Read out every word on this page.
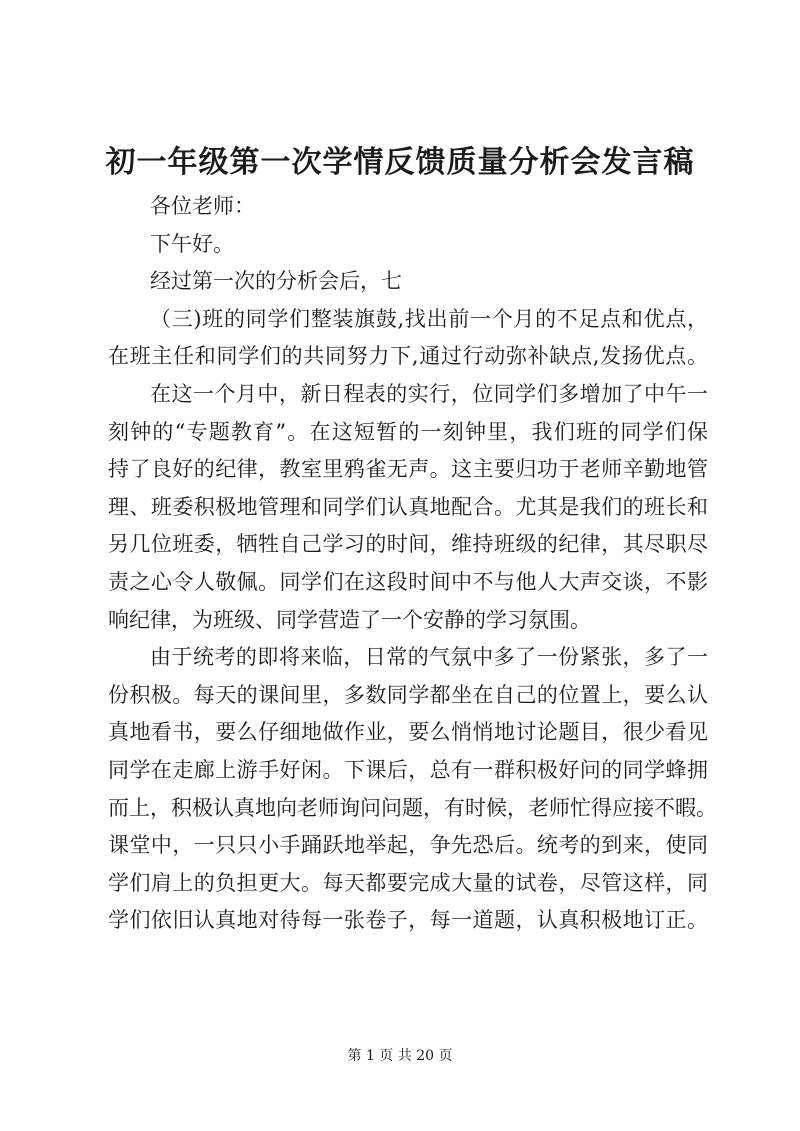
初一年级第一次学情反馈质量分析会发言稿
各位老师：
下午好。
经过第一次的分析会后，七
（三)班的同学们整装旗鼓,找出前一个月的不足点和优点，
在班主任和同学们的共同努力下,通过行动弥补缺点,发扬优点。
在这一个月中，新日程表的实行，位同学们多增加了中午一
刻钟的“专题教育”。在这短暂的一刻钟里，我们班的同学们保
持了良好的纪律，教室里鸦雀无声。这主要归功于老师辛勤地管
理、班委积极地管理和同学们认真地配合。尤其是我们的班长和
另几位班委，牺牲自己学习的时间，维持班级的纪律，其尽职尽
责之心令人敬佩。同学们在这段时间中不与他人大声交谈，不影
响纪律，为班级、同学营造了一个安静的学习氛围。
由于统考的即将来临，日常的气氛中多了一份紧张，多了一
份积极。每天的课间里，多数同学都坐在自己的位置上，要么认
真地看书，要么仔细地做作业，要么悄悄地讨论题目，很少看见
同学在走廊上游手好闲。下课后，总有一群积极好问的同学蜂拥
而上，积极认真地向老师询问问题，有时候，老师忙得应接不暇。
课堂中，一只只小手踊跃地举起，争先恐后。统考的到来，使同
学们肩上的负担更大。每天都要完成大量的试卷，尽管这样，同
学们依旧认真地对待每一张卷子，每一道题，认真积极地订正。
第 1 页 共 20 页
